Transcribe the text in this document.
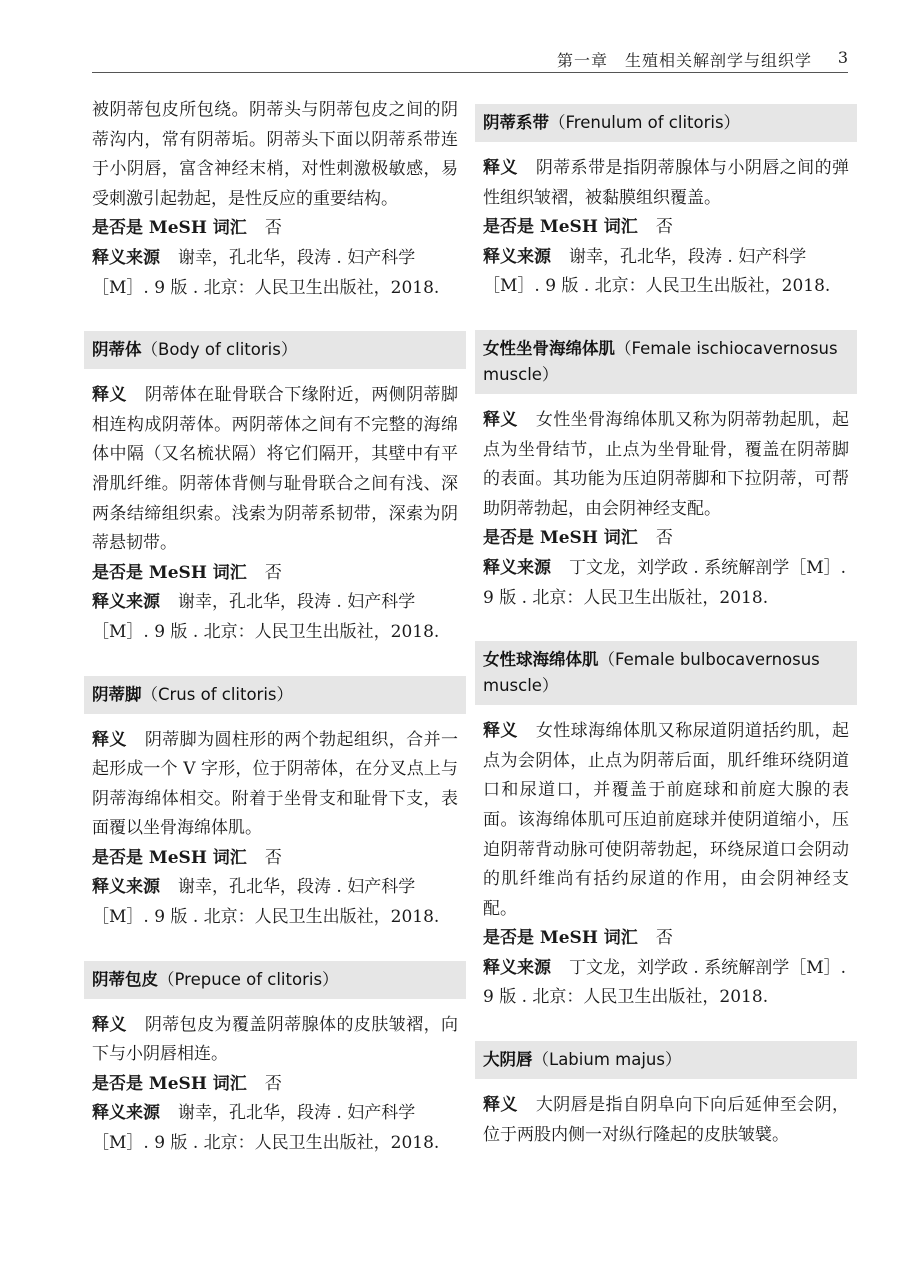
第一章　生殖相关解剖学与组织学 3

被阴蒂包皮所包绕。阴蒂头与阴蒂包皮之间的阴蒂沟内，常有阴蒂垢。阴蒂头下面以阴蒂系带连于小阴唇，富含神经末梢，对性刺激极敏感，易受刺激引起勃起，是性反应的重要结构。

是否是 MeSH 词汇 否

释义来源 谢幸，孔北华，段涛 . 妇产科学［M］. 9 版 . 北京：人民卫生出版社，2018.

阴蒂体（Body of clitoris）

释义 阴蒂体在耻骨联合下缘附近，两侧阴蒂脚相连构成阴蒂体。两阴蒂体之间有不完整的海绵体中隔（又名梳状隔）将它们隔开，其壁中有平滑肌纤维。阴蒂体背侧与耻骨联合之间有浅、深两条结缔组织索。浅索为阴蒂系韧带，深索为阴蒂悬韧带。

是否是 MeSH 词汇 否

释义来源 谢幸，孔北华，段涛 . 妇产科学［M］. 9 版 . 北京：人民卫生出版社，2018.

阴蒂脚（Crus of clitoris）

释义 阴蒂脚为圆柱形的两个勃起组织，合并一起形成一个 V 字形，位于阴蒂体，在分叉点上与阴蒂海绵体相交。附着于坐骨支和耻骨下支，表面覆以坐骨海绵体肌。

是否是 MeSH 词汇 否

释义来源 谢幸，孔北华，段涛 . 妇产科学［M］. 9 版 . 北京：人民卫生出版社，2018.

阴蒂包皮（Prepuce of clitoris）

释义 阴蒂包皮为覆盖阴蒂腺体的皮肤皱褶，向下与小阴唇相连。

是否是 MeSH 词汇 否

释义来源 谢幸，孔北华，段涛 . 妇产科学［M］. 9 版 . 北京：人民卫生出版社，2018.

阴蒂系带（Frenulum of clitoris）

释义 阴蒂系带是指阴蒂腺体与小阴唇之间的弹性组织皱褶，被黏膜组织覆盖。

是否是 MeSH 词汇 否

释义来源 谢幸，孔北华，段涛 . 妇产科学［M］. 9 版 . 北京：人民卫生出版社，2018.

女性坐骨海绵体肌（Female ischiocavernosus muscle）

释义 女性坐骨海绵体肌又称为阴蒂勃起肌，起点为坐骨结节，止点为坐骨耻骨，覆盖在阴蒂脚的表面。其功能为压迫阴蒂脚和下拉阴蒂，可帮助阴蒂勃起，由会阴神经支配。

是否是 MeSH 词汇 否

释义来源 丁文龙，刘学政 . 系统解剖学［M］. 9 版 . 北京：人民卫生出版社，2018.

女性球海绵体肌（Female bulbocavernosus muscle）

释义 女性球海绵体肌又称尿道阴道括约肌，起点为会阴体，止点为阴蒂后面，肌纤维环绕阴道口和尿道口，并覆盖于前庭球和前庭大腺的表面。该海绵体肌可压迫前庭球并使阴道缩小，压迫阴蒂背动脉可使阴蒂勃起，环绕尿道口会阴动的肌纤维尚有括约尿道的作用，由会阴神经支配。

是否是 MeSH 词汇 否

释义来源 丁文龙，刘学政 . 系统解剖学［M］. 9 版 . 北京：人民卫生出版社，2018.

大阴唇（Labium majus）

释义 大阴唇是指自阴阜向下向后延伸至会阴，位于两股内侧一对纵行隆起的皮肤皱襞。
